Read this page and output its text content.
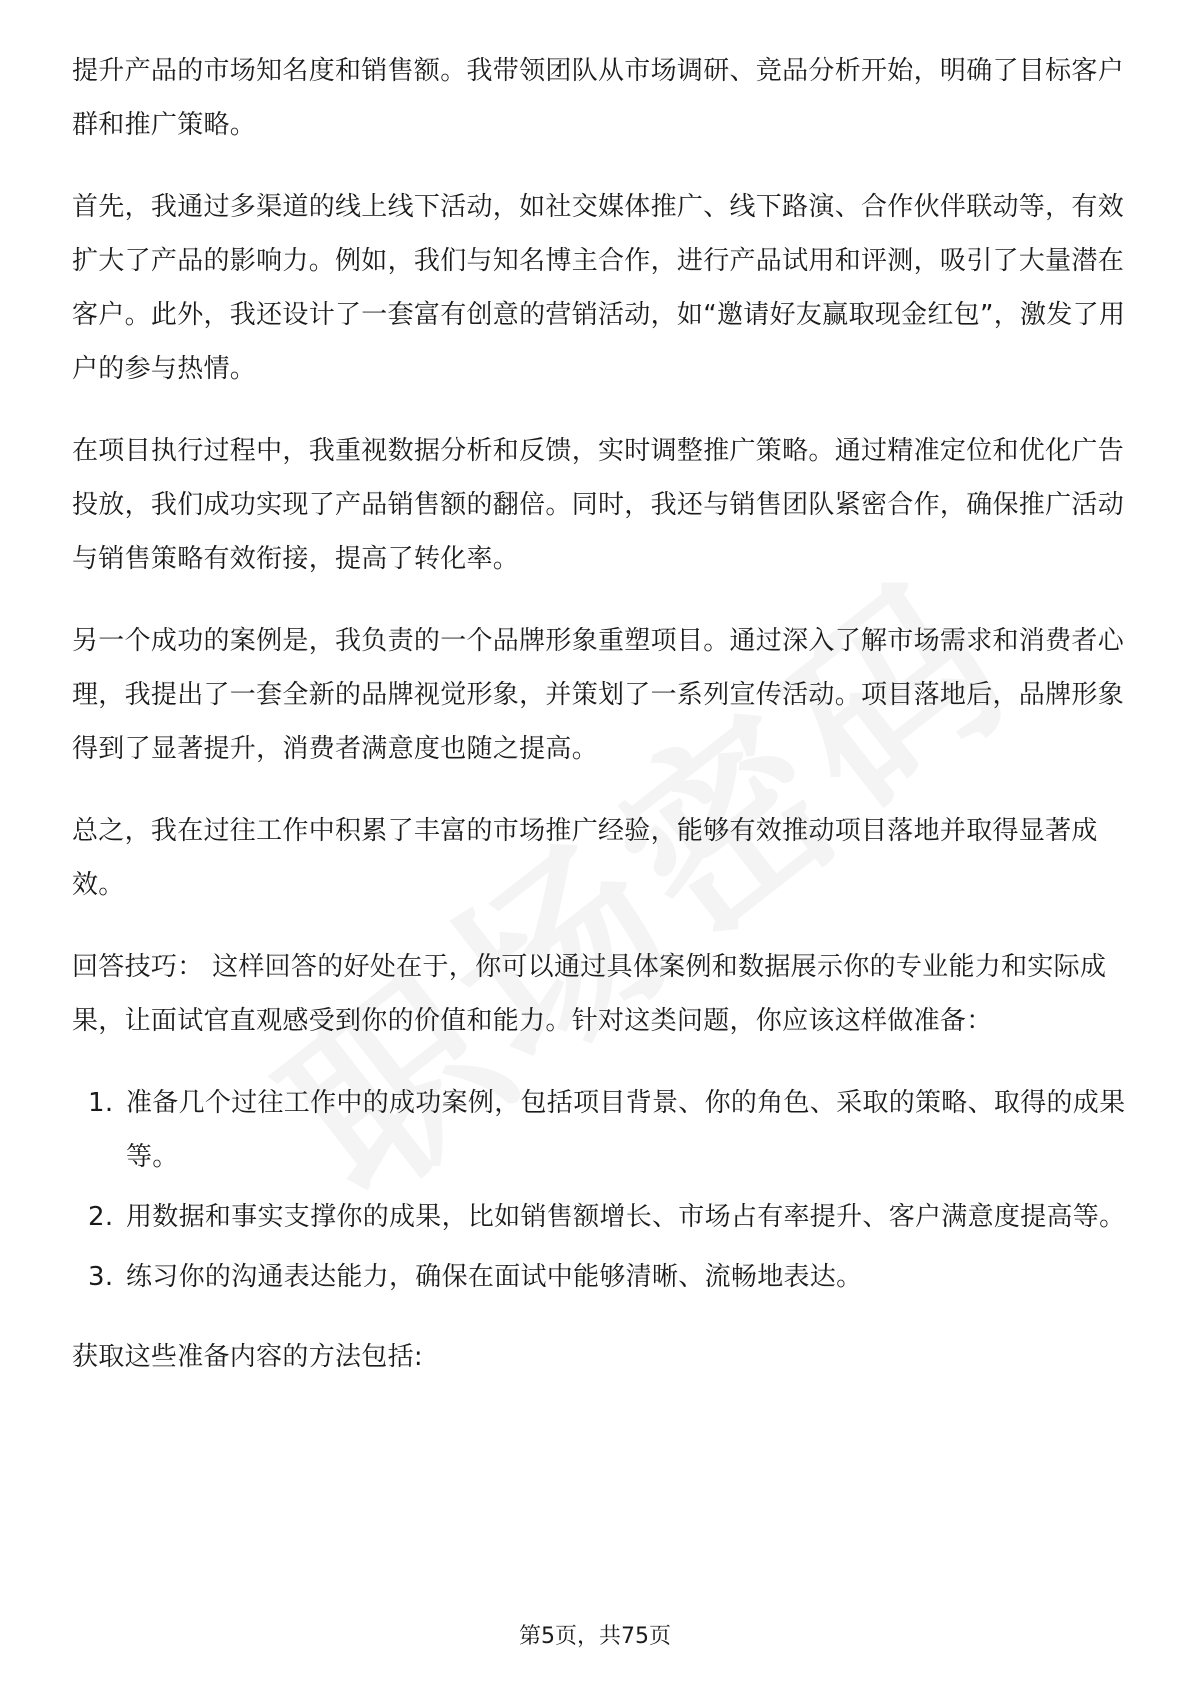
提升产品的市场知名度和销售额。我带领团队从市场调研、竞品分析开始，明确了目标客户群和推广策略。

首先，我通过多渠道的线上线下活动，如社交媒体推广、线下路演、合作伙伴联动等，有效扩大了产品的影响力。例如，我们与知名博主合作，进行产品试用和评测，吸引了大量潜在客户。此外，我还设计了一套富有创意的营销活动，如“邀请好友赢取现金红包”，激发了用户的参与热情。

在项目执行过程中，我重视数据分析和反馈，实时调整推广策略。通过精准定位和优化广告投放，我们成功实现了产品销售额的翻倍。同时，我还与销售团队紧密合作，确保推广活动与销售策略有效衔接，提高了转化率。

另一个成功的案例是，我负责的一个品牌形象重塑项目。通过深入了解市场需求和消费者心理，我提出了一套全新的品牌视觉形象，并策划了一系列宣传活动。项目落地后，品牌形象得到了显著提升，消费者满意度也随之提高。

总之，我在过往工作中积累了丰富的市场推广经验，能够有效推动项目落地并取得显著成效。

回答技巧： 这样回答的好处在于，你可以通过具体案例和数据展示你的专业能力和实际成果，让面试官直观感受到你的价值和能力。针对这类问题，你应该这样做准备：

1. 准备几个过往工作中的成功案例，包括项目背景、你的角色、采取的策略、取得的成果等。
2. 用数据和事实支撑你的成果，比如销售额增长、市场占有率提升、客户满意度提高等。
3. 练习你的沟通表达能力，确保在面试中能够清晰、流畅地表达。

获取这些准备内容的方法包括:

第5页，共75页
